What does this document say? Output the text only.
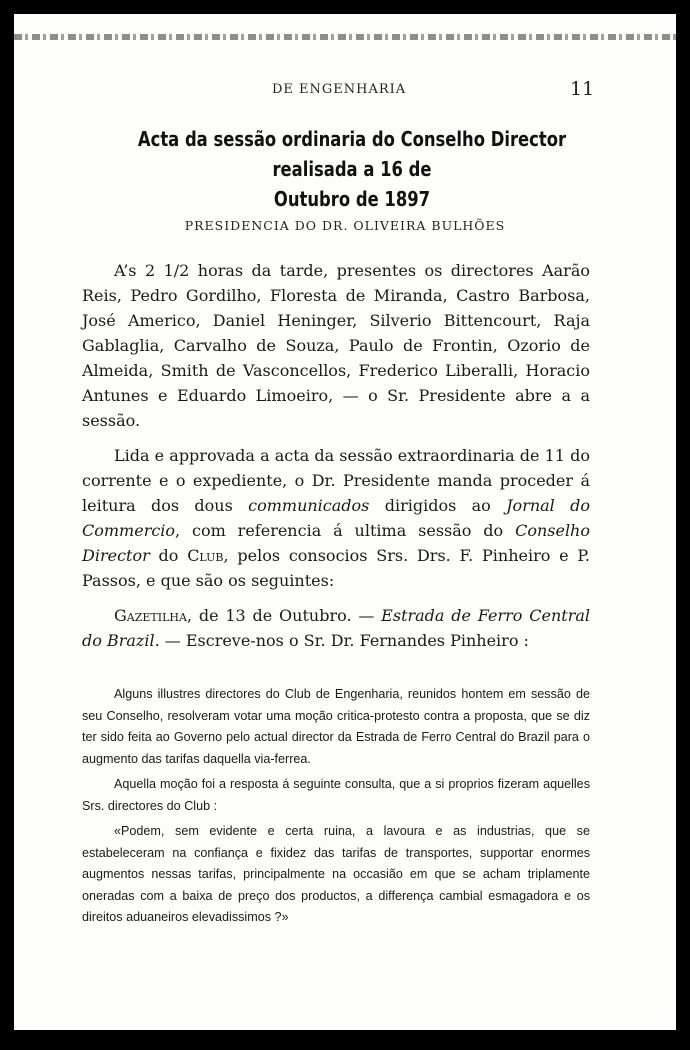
DE ENGENHARIA	11
Acta da sessão ordinaria do Conselho Director realisada a 16 de
Outubro de 1897
PRESIDENCIA DO DR. OLIVEIRA BULHÕES

A’s 2 1/2 horas da tarde, presentes os directores Aarão Reis, Pedro Gordilho, Floresta de Miranda, Castro Barbosa, José Americo, Daniel Heninger, Silverio Bittencourt, Raja Gablaglia, Carvalho de Souza, Paulo de Frontin, Ozorio de Almeida, Smith de Vasconcellos, Frederico Liberalli, Horacio Antunes e Eduardo Limoeiro, — o Sr. Presidente abre a a sessão.

Lida e approvada a acta da sessão extraordinaria de 11 do corrente e o expediente, o Dr. Presidente manda proceder á leitura dos dous communicados dirigidos ao Jornal do Commercio, com referencia á ultima sessão do Conselho Director do Club, pelos consocios Srs. Drs. F. Pinheiro e P. Passos, e que são os seguintes:

Gazetilha, de 13 de Outubro. — Estrada de Ferro Central do Brazil. — Escreve-nos o Sr. Dr. Fernandes Pinheiro :

Alguns illustres directores do Club de Engenharia, reunidos hontem em sessão de seu Conselho, resolveram votar uma moção critica-protesto contra a proposta, que se diz ter sido feita ao Governo pelo actual director da Estrada de Ferro Central do Brazil para o augmento das tarifas daquella via-ferrea.

Aquella moção foi a resposta á seguinte consulta, que a si proprios fizeram aquelles Srs. directores do Club :

«Podem, sem evidente e certa ruina, a lavoura e as industrias, que se estabeleceram na confiança e fixidez das tarifas de transportes, supportar enormes augmentos nessas tarifas, principalmente na occasião em que se acham triplamente oneradas com a baixa de preço dos productos, a differença cambial esmagadora e os direitos aduaneiros elevadissimos ?»
